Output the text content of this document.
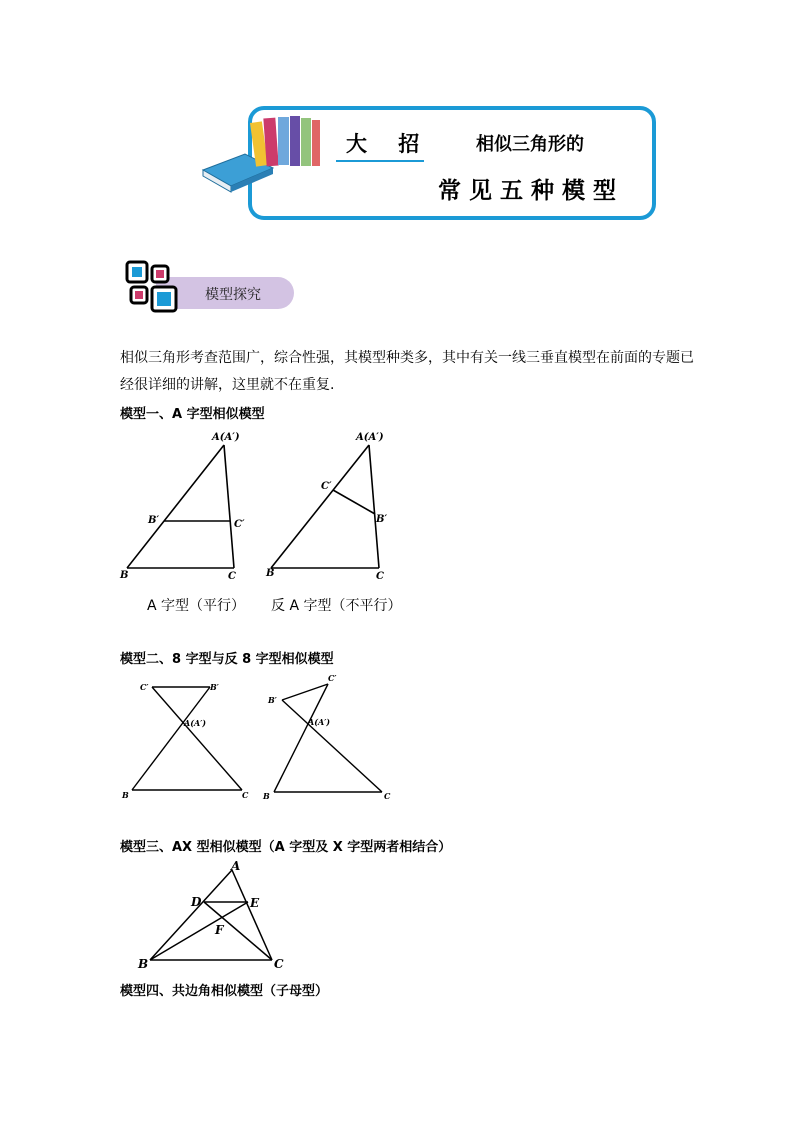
大 招 相似三角形的
常见五种模型
模型探究
相似三角形考查范围广，综合性强，其模型种类多，其中有关一线三垂直模型在前面的专题已经很详细的讲解，这里就不在重复.
模型一、A 字型相似模型
A(A′)
B′	C′
B	C
A(A′)
C′
B′
B	C
A 字型（平行） 反 A 字型（不平行）
模型二、8 字型与反 8 字型相似模型
C′	B′
A(A′)
B	C
C′
B′
A(A′)
B	C
模型三、AX 型相似模型（A 字型及 X 字型两者相结合）
A
D	E
F
B	C
模型四、共边角相似模型（子母型）
